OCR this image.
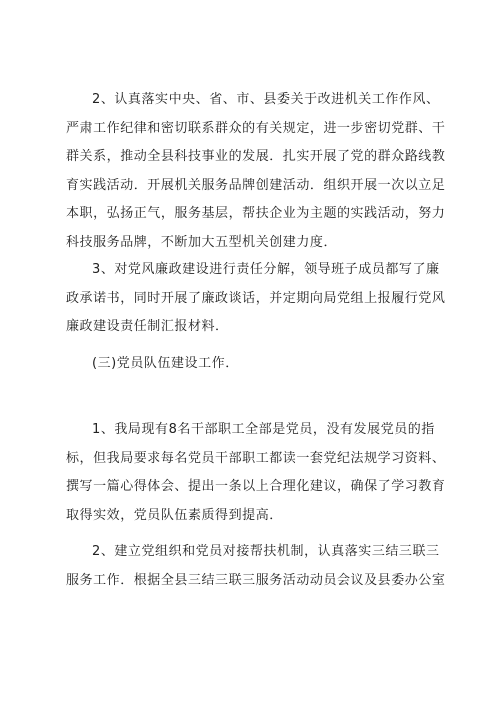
2、认真落实中央、省、市、县委关于改进机关工作作风、
严肃工作纪律和密切联系群众的有关规定，进一步密切党群、干
群关系，推动全县科技事业的发展．扎实开展了党的群众路线教
育实践活动．开展机关服务品牌创建活动．组织开展一次以立足
本职，弘扬正气，服务基层，帮扶企业为主题的实践活动，努力
科技服务品牌，不断加大五型机关创建力度．
3、对党风廉政建设进行责任分解，领导班子成员都写了廉
政承诺书，同时开展了廉政谈话，并定期向局党组上报履行党风
廉政建设责任制汇报材料．
(三)党员队伍建设工作．
1、我局现有8名干部职工全部是党员，没有发展党员的指
标，但我局要求每名党员干部职工都读一套党纪法规学习资料、
撰写一篇心得体会、提出一条以上合理化建议，确保了学习教育
取得实效，党员队伍素质得到提高．
2、建立党组织和党员对接帮扶机制，认真落实三结三联三
服务工作．根据全县三结三联三服务活动动员会议及县委办公室
